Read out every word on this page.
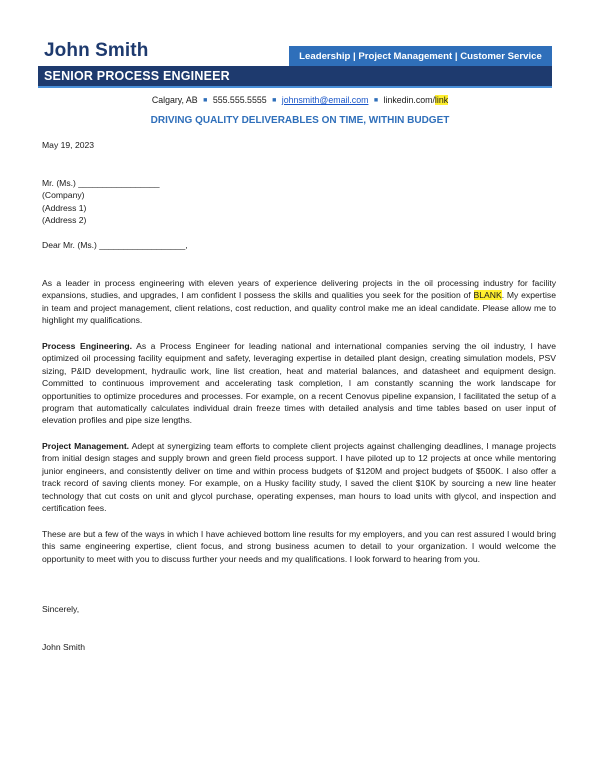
John Smith	Leadership | Project Management | Customer Service
SENIOR PROCESS ENGINEER
Calgary, AB ■ 555.555.5555 ■ johnsmith@email.com ■ linkedin.com/link
DRIVING QUALITY DELIVERABLES ON TIME, WITHIN BUDGET
May 19, 2023
Mr. (Ms.) _________________
(Company)
(Address 1)
(Address 2)
Dear Mr. (Ms.) __________________,
As a leader in process engineering with eleven years of experience delivering projects in the oil processing industry for facility expansions, studies, and upgrades, I am confident I possess the skills and qualities you seek for the position of BLANK. My expertise in team and project management, client relations, cost reduction, and quality control make me an ideal candidate. Please allow me to highlight my qualifications.
Process Engineering. As a Process Engineer for leading national and international companies serving the oil industry, I have optimized oil processing facility equipment and safety, leveraging expertise in detailed plant design, creating simulation models, PSV sizing, P&ID development, hydraulic work, line list creation, heat and material balances, and datasheet and equipment design. Committed to continuous improvement and accelerating task completion, I am constantly scanning the work landscape for opportunities to optimize procedures and processes. For example, on a recent Cenovus pipeline expansion, I facilitated the setup of a program that automatically calculates individual drain freeze times with detailed analysis and time tables based on user input of elevation profiles and pipe size lengths.
Project Management. Adept at synergizing team efforts to complete client projects against challenging deadlines, I manage projects from initial design stages and supply brown and green field process support. I have piloted up to 12 projects at once while mentoring junior engineers, and consistently deliver on time and within process budgets of $120M and project budgets of $500K. I also offer a track record of saving clients money. For example, on a Husky facility study, I saved the client $10K by sourcing a new line heater technology that cut costs on unit and glycol purchase, operating expenses, man hours to load units with glycol, and inspection and certification fees.
These are but a few of the ways in which I have achieved bottom line results for my employers, and you can rest assured I would bring this same engineering expertise, client focus, and strong business acumen to detail to your organization. I would welcome the opportunity to meet with you to discuss further your needs and my qualifications. I look forward to hearing from you.
Sincerely,
John Smith
